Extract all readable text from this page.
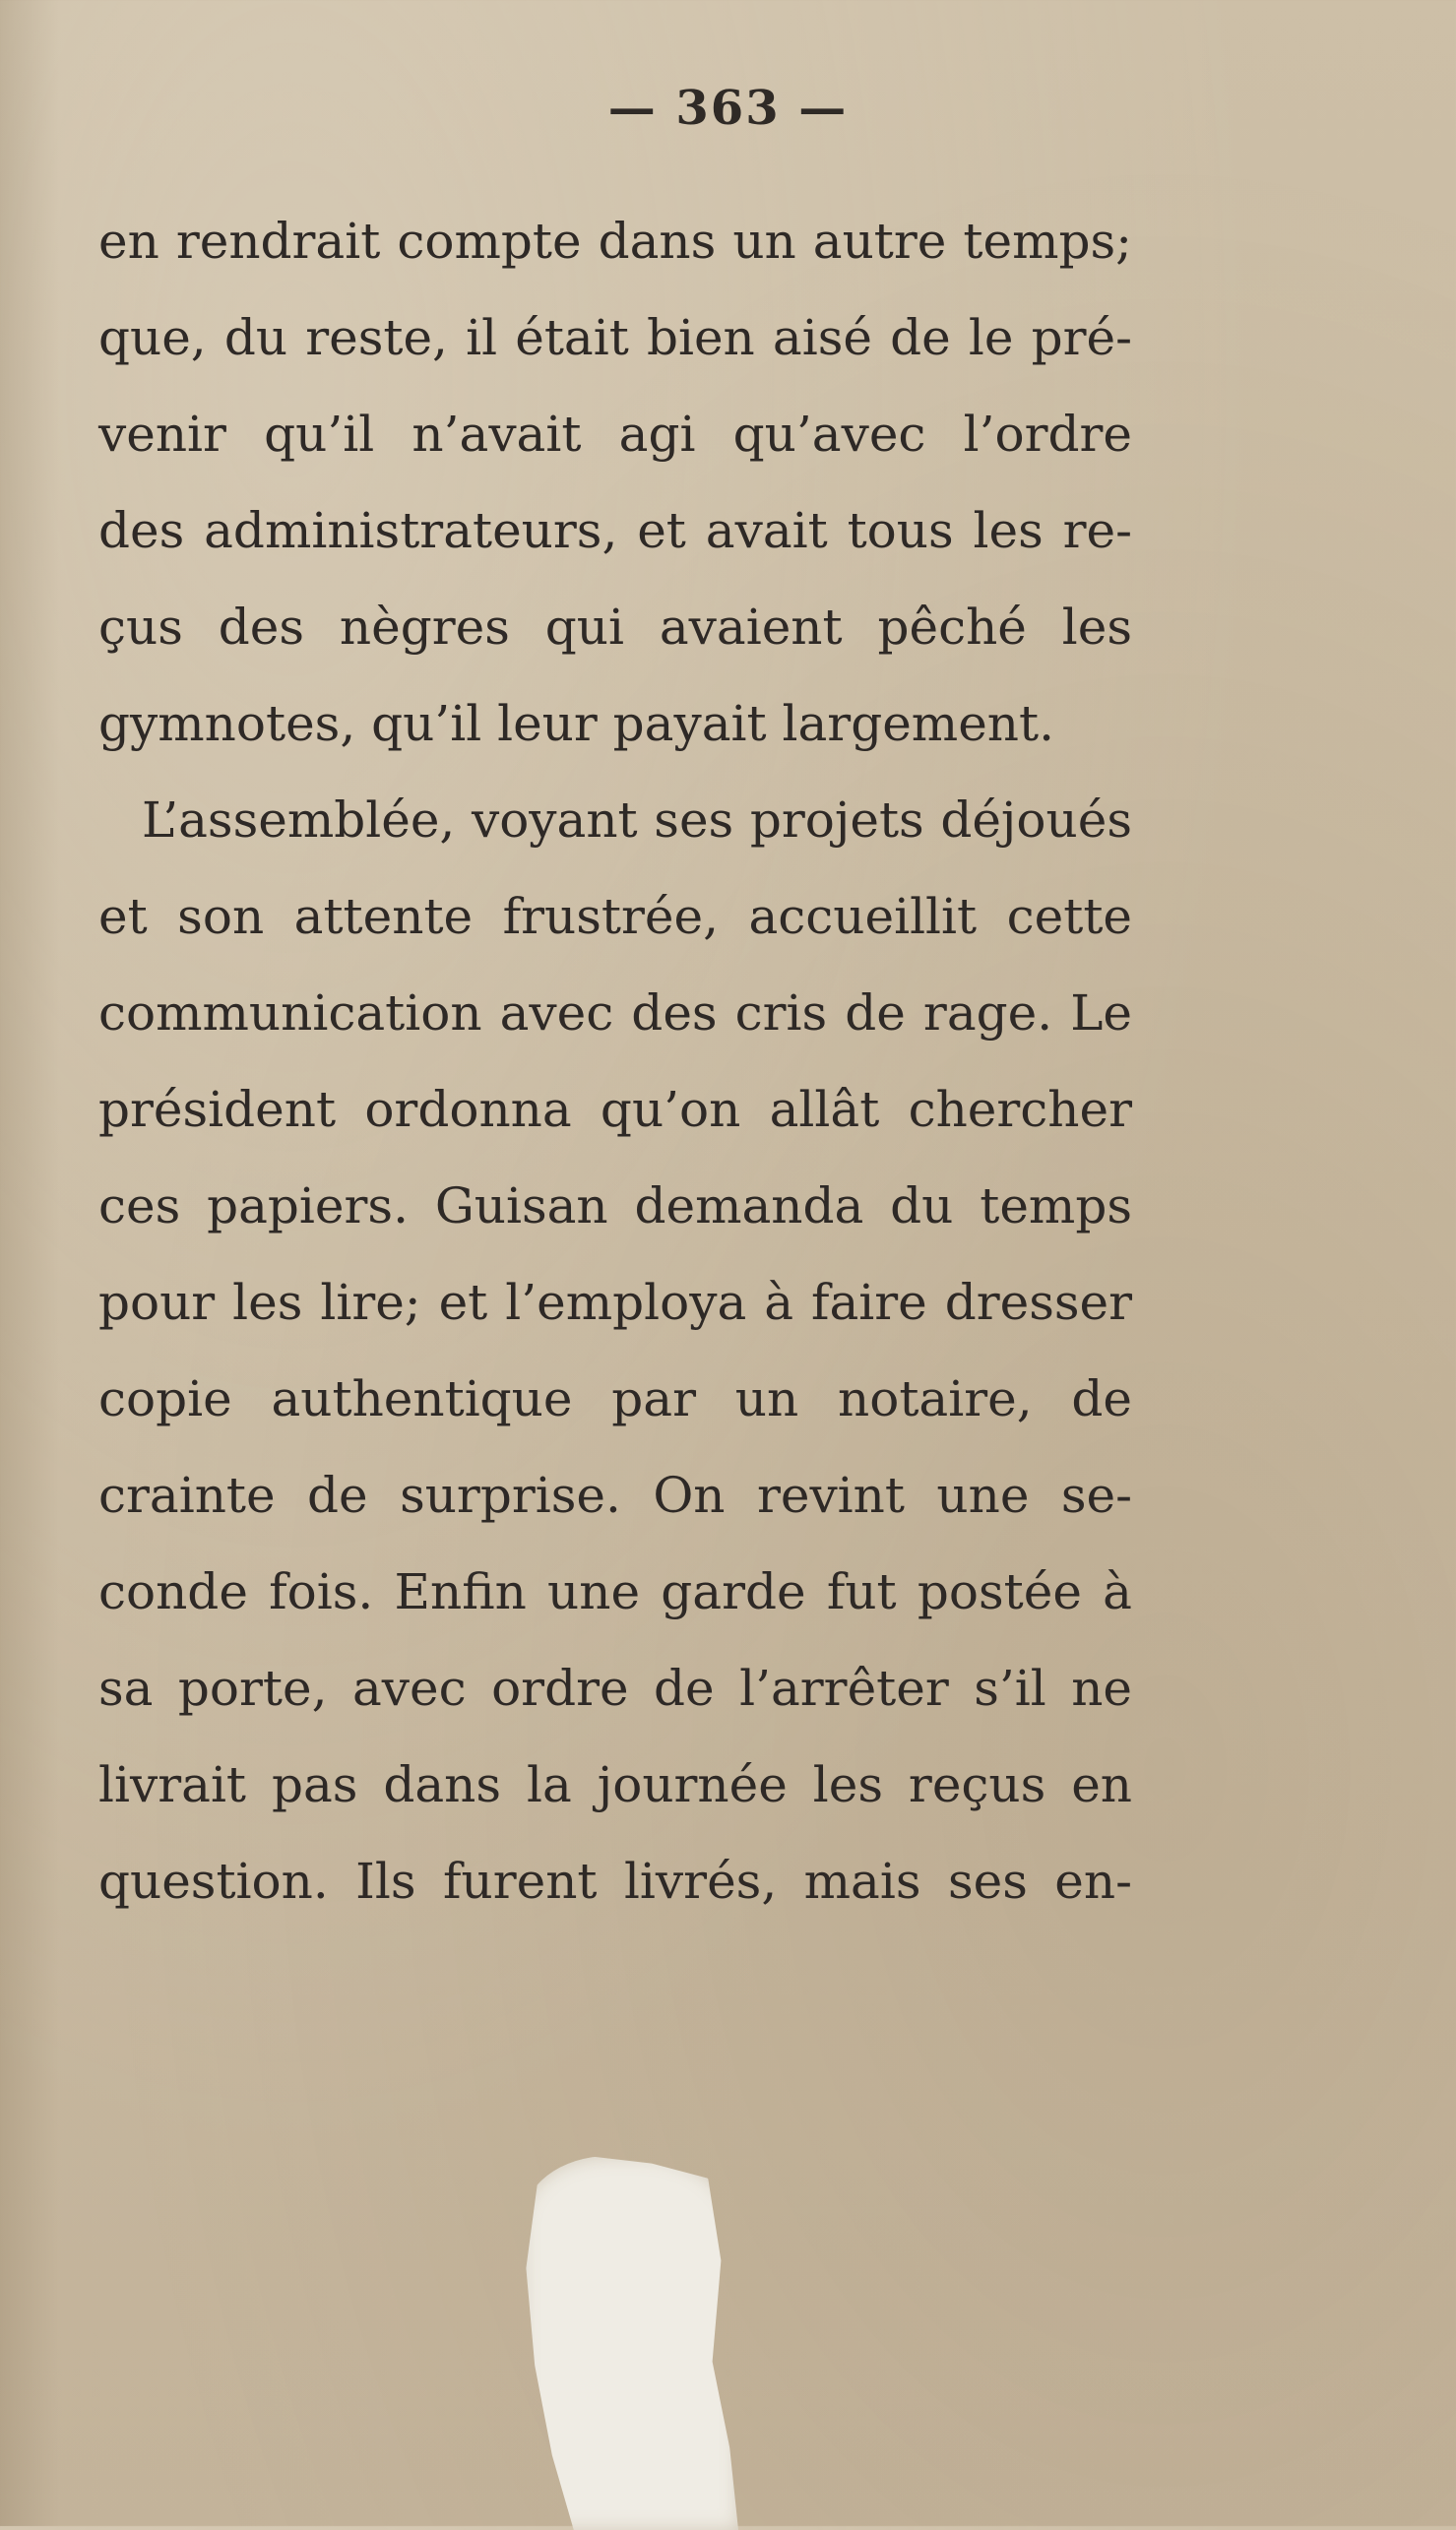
— 363 —
en rendrait compte dans un autre temps;
que, du reste, il était bien aisé de le pré-
venir qu’il n’avait agi qu’avec l’ordre
des administrateurs, et avait tous les re-
çus des nègres qui avaient pêché les
gymnotes, qu’il leur payait largement.
L’assemblée, voyant ses projets déjoués
et son attente frustrée, accueillit cette
communication avec des cris de rage. Le
président ordonna qu’on allât chercher
ces papiers. Guisan demanda du temps
pour les lire; et l’employa à faire dresser
copie authentique par un notaire, de
crainte de surprise. On revint une se-
conde fois. Enfin une garde fut postée à
sa porte, avec ordre de l’arrêter s’il ne
livrait pas dans la journée les reçus en
question. Ils furent livrés, mais ses en-
